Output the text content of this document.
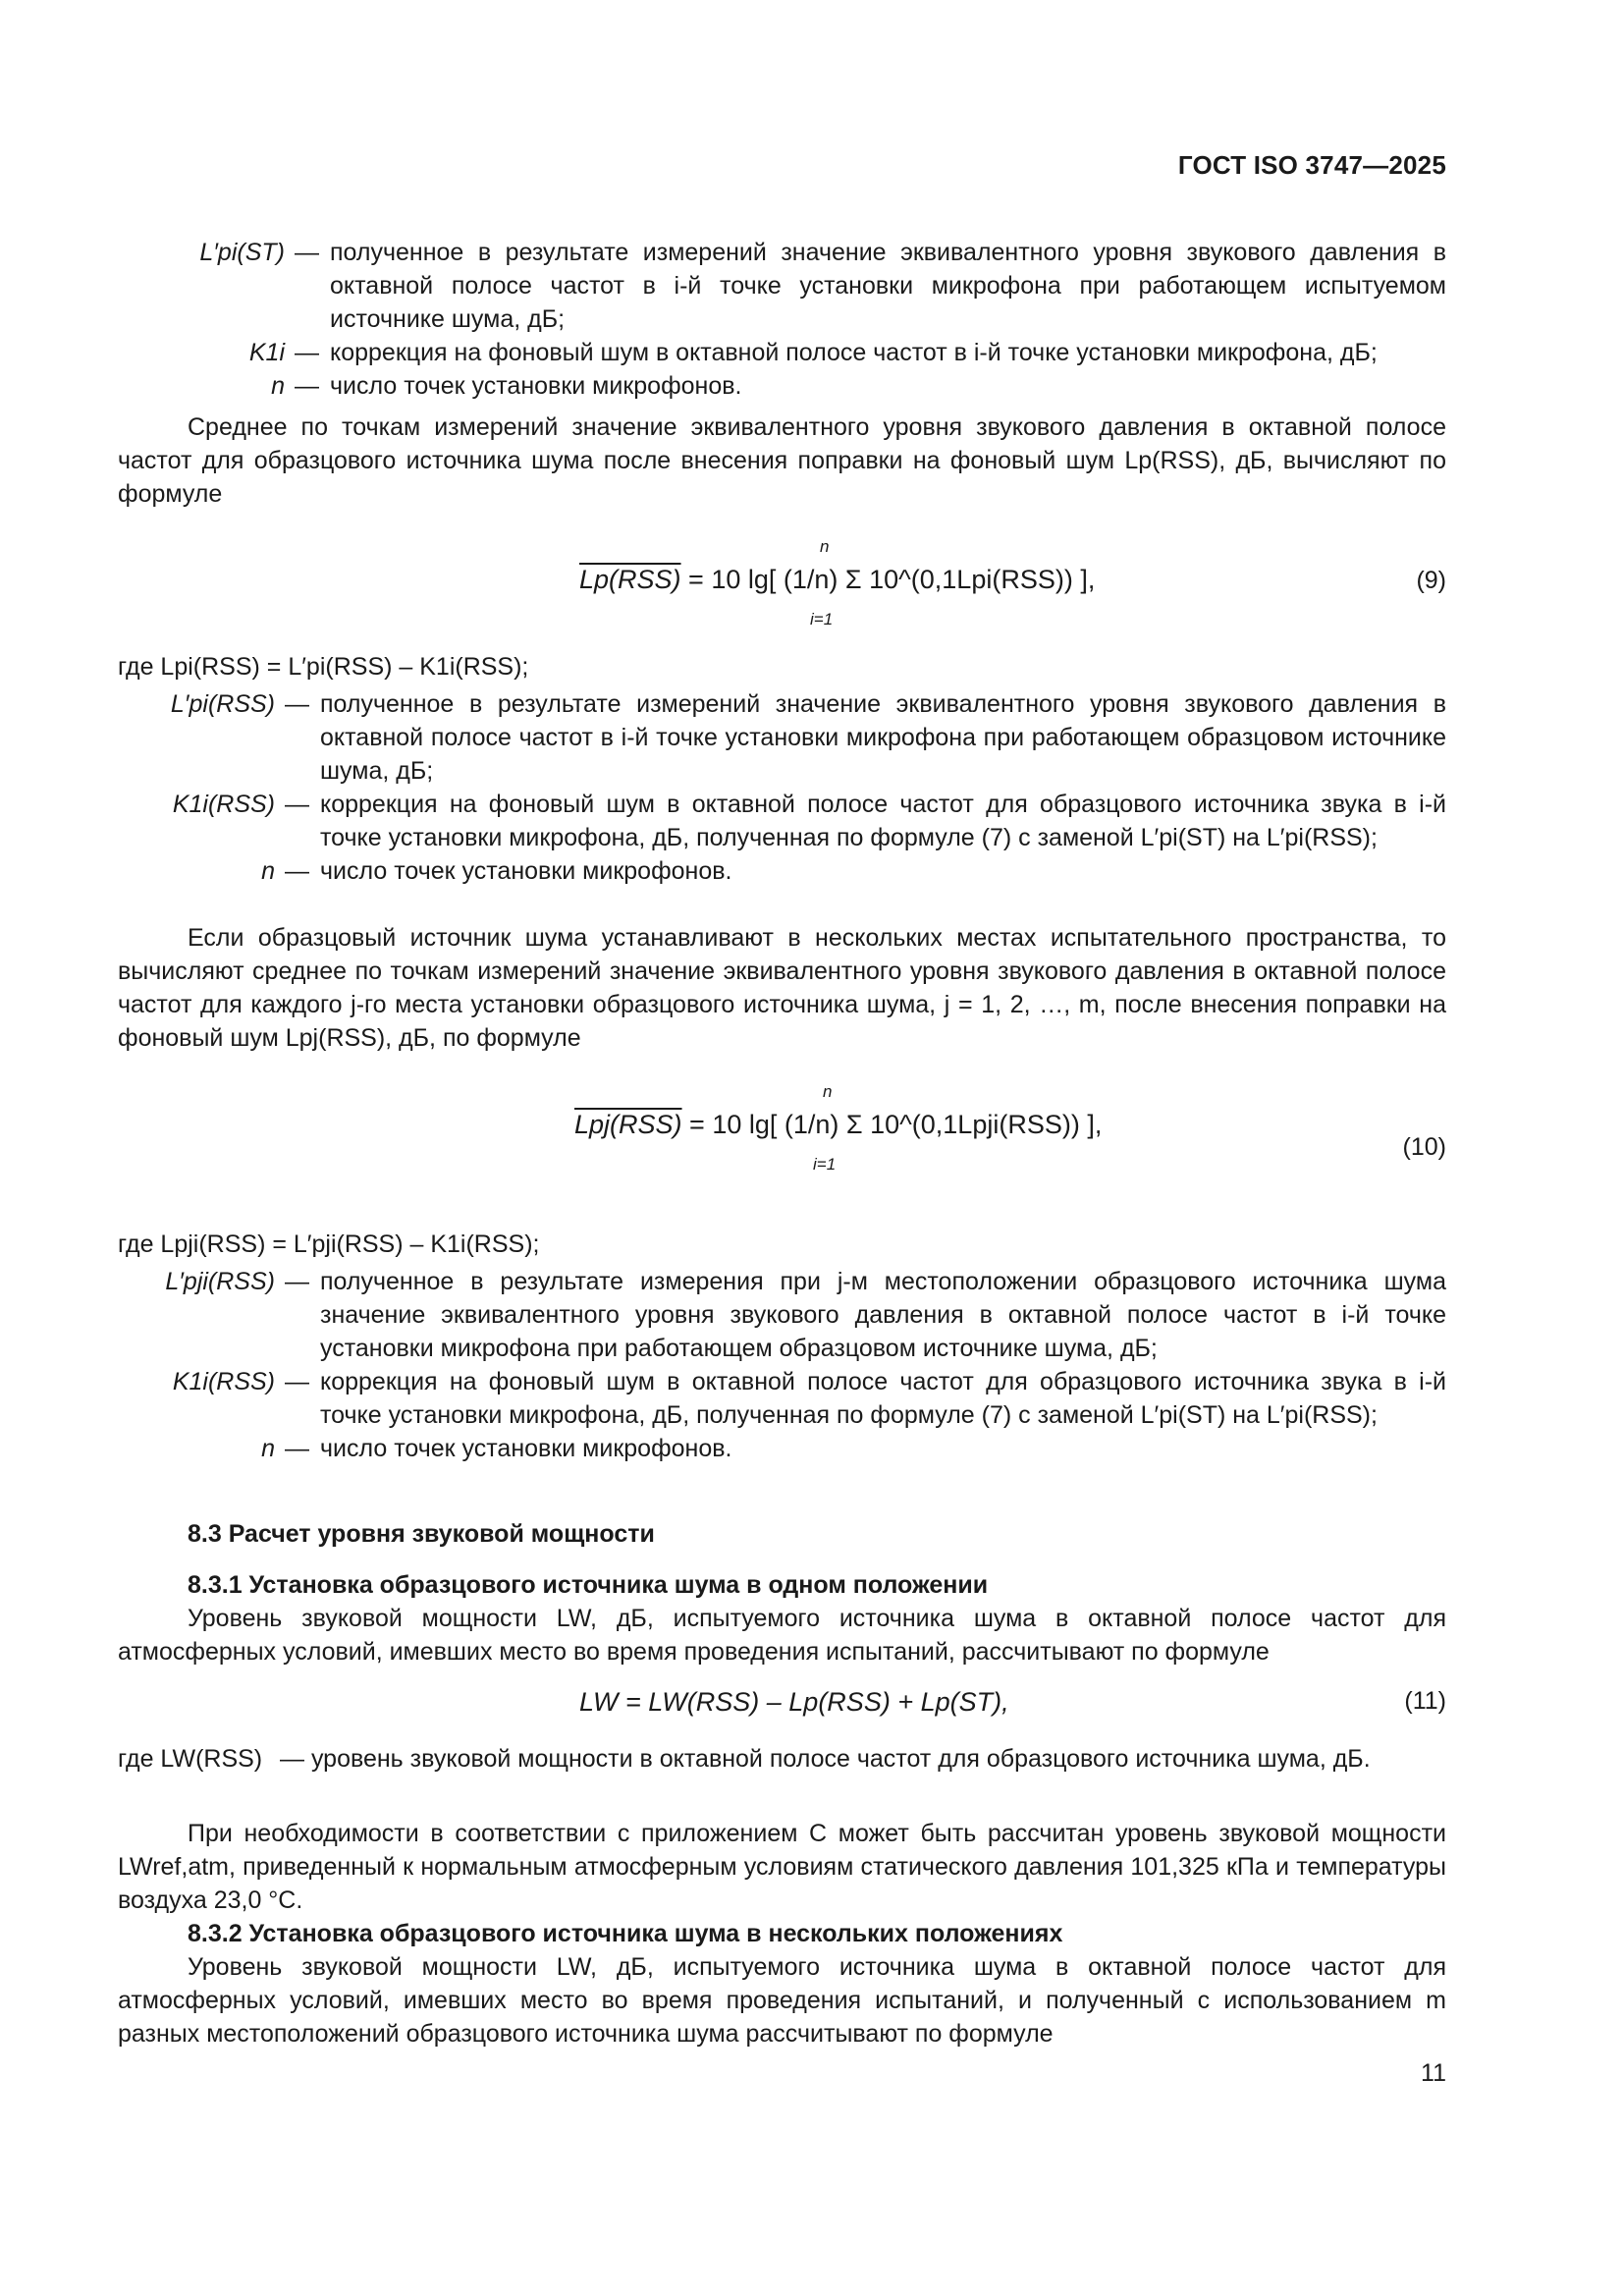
ГОСТ ISO 3747—2025
L′pi(ST) — полученное в результате измерений значение эквивалентного уровня звукового давления в октавной полосе частот в i-й точке установки микрофона при работающем испытуемом источнике шума, дБ;
K1i — коррекция на фоновый шум в октавной полосе частот в i-й точке установки микрофона, дБ;
n — число точек установки микрофонов.

Среднее по точкам измерений значение эквивалентного уровня звукового давления в октавной полосе частот для образцового источника шума после внесения поправки на фоновый шум Lp(RSS), дБ, вычисляют по формуле

Lp(RSS) = 10 lg[ (1/n) Σ 10^(0,1Lpi(RSS)) ],
n
i=1
(9)

где Lpi(RSS) = L′pi(RSS) – K1i(RSS);

L′pi(RSS) — полученное в результате измерений значение эквивалентного уровня звукового давления в октавной полосе частот в i-й точке установки микрофона при работающем образцовом источнике шума, дБ;
K1i(RSS) — коррекция на фоновый шум в октавной полосе частот для образцового источника звука в i-й точке установки микрофона, дБ, полученная по формуле (7) с заменой L′pi(ST) на L′pi(RSS);
n — число точек установки микрофонов.

Если образцовый источник шума устанавливают в нескольких местах испытательного пространства, то вычисляют среднее по точкам измерений значение эквивалентного уровня звукового давления в октавной полосе частот для каждого j-го места установки образцового источника шума, j = 1, 2, …, m, после внесения поправки на фоновый шум Lpj(RSS), дБ, по формуле

Lpj(RSS) = 10 lg[ (1/n) Σ 10^(0,1Lpji(RSS)) ],
n
i=1
(10)

где Lpji(RSS) = L′pji(RSS) – K1i(RSS);

L′pji(RSS) — полученное в результате измерения при j-м местоположении образцового источника шума значение эквивалентного уровня звукового давления в октавной полосе частот в i-й точке установки микрофона при работающем образцовом источнике шума, дБ;
K1i(RSS) — коррекция на фоновый шум в октавной полосе частот для образцового источника звука в i-й точке установки микрофона, дБ, полученная по формуле (7) с заменой L′pi(ST) на L′pi(RSS);
n — число точек установки микрофонов.
8.3 Расчет уровня звуковой мощности
8.3.1 Установка образцового источника шума в одном положении

Уровень звуковой мощности LW, дБ, испытуемого источника шума в октавной полосе частот для атмосферных условий, имевших место во время проведения испытаний, рассчитывают по формуле

LW = LW(RSS) – Lp(RSS) + Lp(ST),	(11)
где LW(RSS) — уровень звуковой мощности в октавной полосе частот для образцового источника шума, дБ.

При необходимости в соответствии с приложением С может быть рассчитан уровень звуковой мощности LWref,atm, приведенный к нормальным атмосферным условиям статического давления 101,325 кПа и температуры воздуха 23,0 °С.

8.3.2 Установка образцового источника шума в нескольких положениях

Уровень звуковой мощности LW, дБ, испытуемого источника шума в октавной полосе частот для атмосферных условий, имевших место во время проведения испытаний, и полученный с использованием m разных местоположений образцового источника шума рассчитывают по формуле

11
